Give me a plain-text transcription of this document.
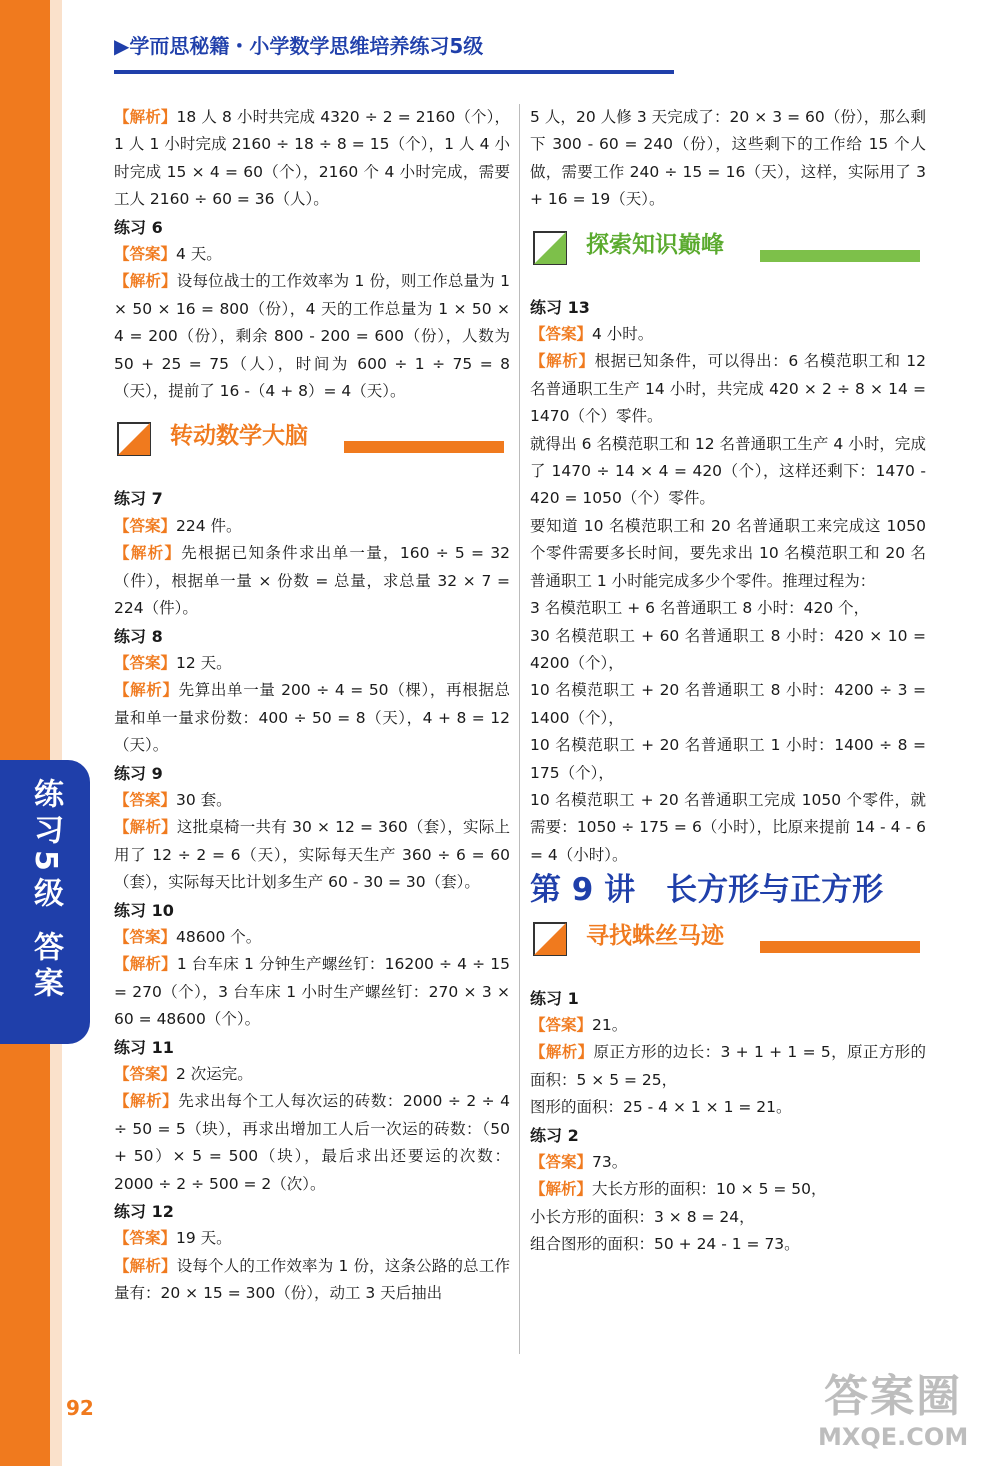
练习5级
答案
▶学而思秘籍・小学数学思维培养练习5级

【解析】18 人 8 小时共完成 4320 ÷ 2 = 2160（个），1 人 1 小时完成 2160 ÷ 18 ÷ 8 = 15（个），1 人 4 小时完成 15 × 4 = 60（个），2160 个 4 小时完成，需要工人 2160 ÷ 60 = 36（人）。

练习 6

【答案】4 天。

【解析】设每位战士的工作效率为 1 份，则工作总量为 1 × 50 × 16 = 800（份），4 天的工作总量为 1 × 50 × 4 = 200（份），剩余 800 - 200 = 600（份），人数为 50 + 25 = 75（人），时间为 600 ÷ 1 ÷ 75 = 8（天），提前了 16 -（4 + 8）= 4（天）。

转动数学大脑

练习 7

【答案】224 件。

【解析】先根据已知条件求出单一量，160 ÷ 5 = 32（件），根据单一量 × 份数 = 总量，求总量 32 × 7 = 224（件）。

练习 8

【答案】12 天。

【解析】先算出单一量 200 ÷ 4 = 50（棵），再根据总量和单一量求份数：400 ÷ 50 = 8（天），4 + 8 = 12（天）。

练习 9

【答案】30 套。

【解析】这批桌椅一共有 30 × 12 = 360（套），实际上用了 12 ÷ 2 = 6（天），实际每天生产 360 ÷ 6 = 60（套），实际每天比计划多生产 60 - 30 = 30（套）。

练习 10

【答案】48600 个。

【解析】1 台车床 1 分钟生产螺丝钉：16200 ÷ 4 ÷ 15 = 270（个），3 台车床 1 小时生产螺丝钉：270 × 3 × 60 = 48600（个）。

练习 11

【答案】2 次运完。

【解析】先求出每个工人每次运的砖数：2000 ÷ 2 ÷ 4 ÷ 50 = 5（块），再求出增加工人后一次运的砖数：（50 + 50）× 5 = 500（块），最后求出还要运的次数：2000 ÷ 2 ÷ 500 = 2（次）。

练习 12

【答案】19 天。

【解析】设每个人的工作效率为 1 份，这条公路的总工作量有：20 × 15 = 300（份），动工 3 天后抽出

5 人，20 人修 3 天完成了：20 × 3 = 60（份），那么剩下 300 - 60 = 240（份），这些剩下的工作给 15 个人做，需要工作 240 ÷ 15 = 16（天），这样，实际用了 3 + 16 = 19（天）。

探索知识巅峰

练习 13

【答案】4 小时。

【解析】根据已知条件，可以得出：6 名模范职工和 12 名普通职工生产 14 小时，共完成 420 × 2 ÷ 8 × 14 = 1470（个）零件。

就得出 6 名模范职工和 12 名普通职工生产 4 小时，完成了 1470 ÷ 14 × 4 = 420（个），这样还剩下：1470 - 420 = 1050（个）零件。

要知道 10 名模范职工和 20 名普通职工来完成这 1050 个零件需要多长时间，要先求出 10 名模范职工和 20 名普通职工 1 小时能完成多少个零件。推理过程为：

3 名模范职工 + 6 名普通职工 8 小时：420 个，

30 名模范职工 + 60 名普通职工 8 小时：420 × 10 = 4200（个），

10 名模范职工 + 20 名普通职工 8 小时：4200 ÷ 3 = 1400（个），

10 名模范职工 + 20 名普通职工 1 小时：1400 ÷ 8 = 175（个），

10 名模范职工 + 20 名普通职工完成 1050 个零件，就需要：1050 ÷ 175 = 6（小时），比原来提前 14 - 4 - 6 = 4（小时）。

第 9 讲　长方形与正方形
寻找蛛丝马迹

练习 1

【答案】21。

【解析】原正方形的边长：3 + 1 + 1 = 5，原正方形的面积：5 × 5 = 25，

图形的面积：25 - 4 × 1 × 1 = 21。

练习 2

【答案】73。

【解析】大长方形的面积：10 × 5 = 50，

小长方形的面积：3 × 8 = 24，

组合图形的面积：50 + 24 - 1 = 73。

92	答案圈
MXQE.COM
